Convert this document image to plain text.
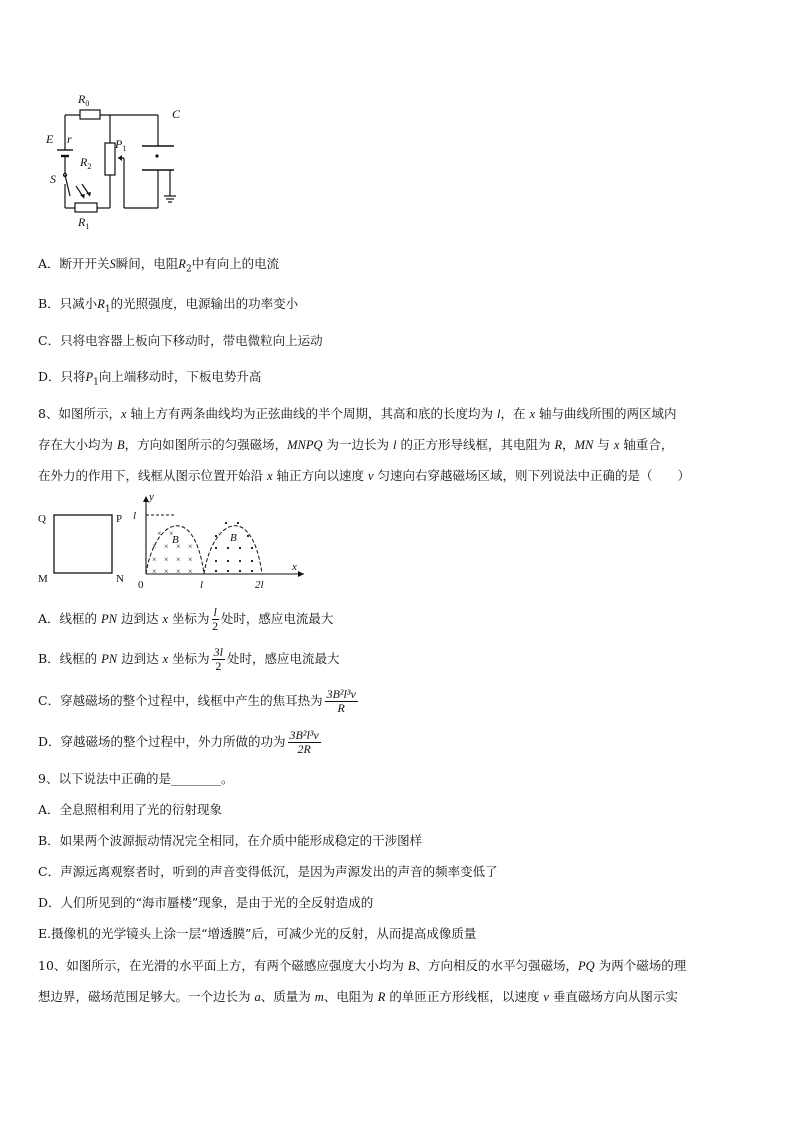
$R_0$
E r
C
$P_1$
$R_2$
S
$R_1$
A．断开开关S瞬间，电阻$R_2$中有向上的电流
B．只减小$R_1$的光照强度，电源输出的功率变小
C．只将电容器上板向下移动时，带电微粒向上运动
D．只将$P_1$向上端移动时，下板电势升高
8、如图所示，x 轴上方有两条曲线均为正弦曲线的半个周期，其高和底的长度均为 l，在 x 轴与曲线所围的两区域内
存在大小均为 B，方向如图所示的匀强磁场，MNPQ 为一边长为 l 的正方形导线框，其电阻为 R，MN 与 x 轴重合，
在外力的作用下，线框从图示位置开始沿 x 轴正方向以速度 v 匀速向右穿越磁场区域，则下列说法中正确的是（　　）
Q	P
M	N
× ×
× × × ×
× × × ×
× × × ×
B	B
y
x
l
0	l	2l
A．线框的 PN 边到达 x 坐标为 $\frac{l}{2}$ 处时，感应电流最大
B．线框的 PN 边到达 x 坐标为 $\frac{3l}{2}$ 处时，感应电流最大
C．穿越磁场的整个过程中，线框中产生的焦耳热为 $\frac{\text{3B²l³v}}{R}$
D．穿越磁场的整个过程中，外力所做的功为 $\frac{\text{3B²l³v}}{2R}$
9、以下说法中正确的是________。
A．全息照相利用了光的衍射现象
B．如果两个波源振动情况完全相同，在介质中能形成稳定的干涉图样
C．声源远离观察者时，听到的声音变得低沉，是因为声源发出的声音的频率变低了
D．人们所见到的“海市蜃楼”现象，是由于光的全反射造成的
E.摄像机的光学镜头上涂一层“增透膜”后，可减少光的反射，从而提高成像质量
10、如图所示，在光滑的水平面上方，有两个磁感应强度大小均为 B、方向相反的水平匀强磁场，PQ 为两个磁场的理
想边界，磁场范围足够大。一个边长为 a、质量为 m、电阻为 R 的单匝正方形线框，以速度 v 垂直磁场方向从图示实
